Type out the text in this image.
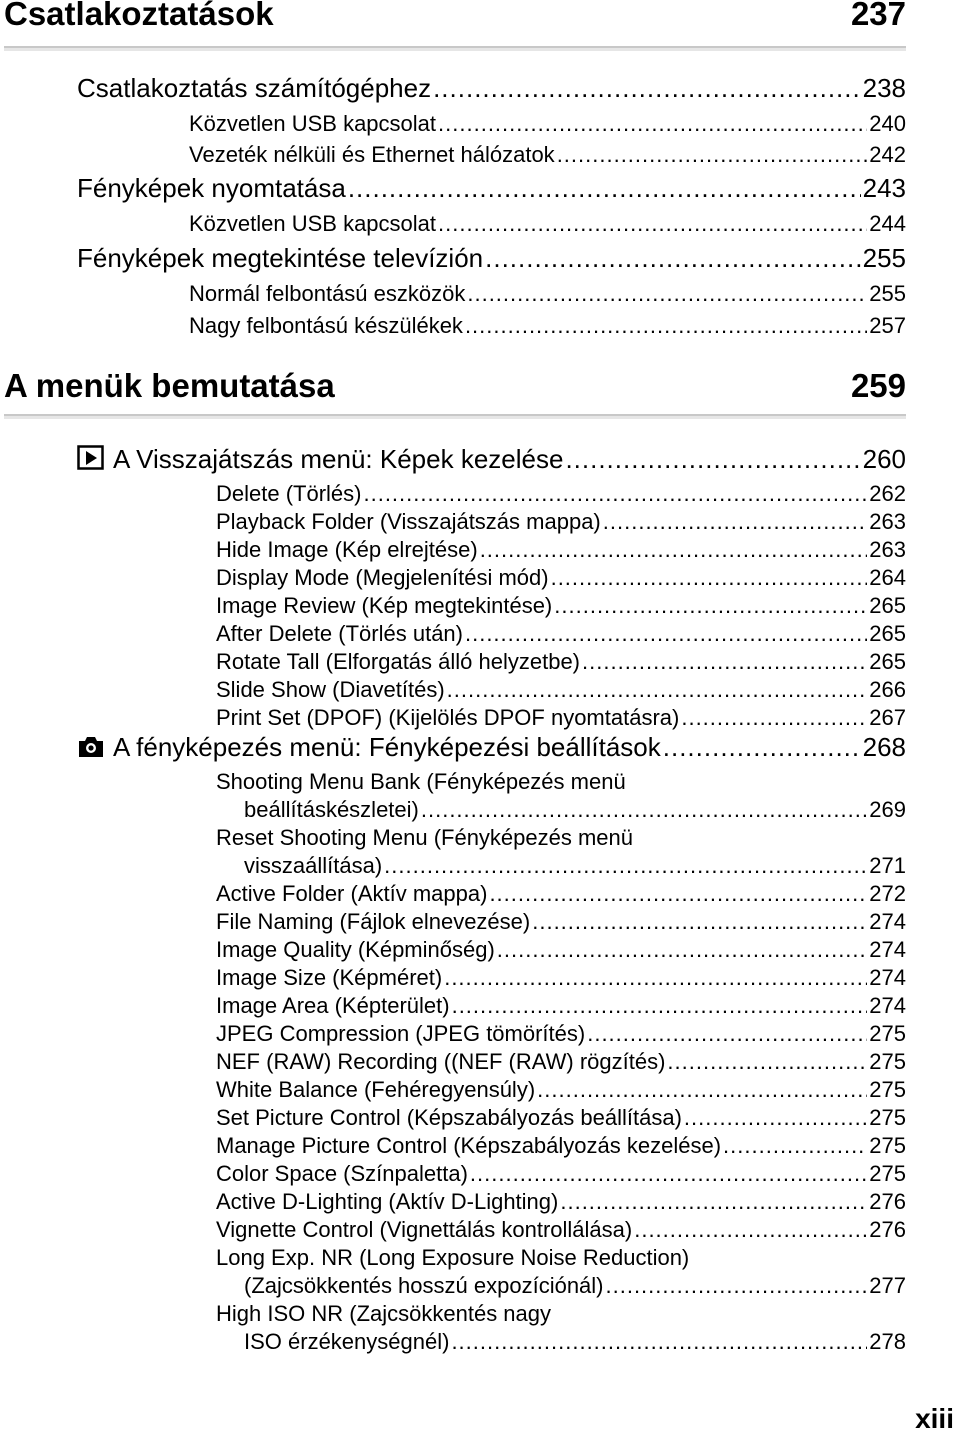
Csatlakoztatások	237
Csatlakoztatás számítógéphez .....	238
Közvetlen USB kapcsolat .....	240
Vezeték nélküli és Ethernet hálózatok .....	242
Fényképek nyomtatása .....	243
Közvetlen USB kapcsolat .....	244
Fényképek megtekintése televízión .....	255
Normál felbontású eszközök .....	255
Nagy felbontású készülékek .....	257
A menük bemutatása	259
A Visszajátszás menü: Képek kezelése .....	260
Delete (Törlés) .....	262
Playback Folder (Visszajátszás mappa) .....	263
Hide Image (Kép elrejtése) .....	263
Display Mode (Megjelenítési mód) .....	264
Image Review (Kép megtekintése) .....	265
After Delete (Törlés után) .....	265
Rotate Tall (Elforgatás álló helyzetbe) .....	265
Slide Show (Diavetítés) .....	266
Print Set (DPOF) (Kijelölés DPOF nyomtatásra) .....	267
A fényképezés menü: Fényképezési beállítások .....	268
Shooting Menu Bank (Fényképezés menü
beállításkészletei) .....	269
Reset Shooting Menu (Fényképezés menü
visszaállítása) .....	271
Active Folder (Aktív mappa) .....	272
File Naming (Fájlok elnevezése) .....	274
Image Quality (Képminőség) .....	274
Image Size (Képméret) .....	274
Image Area (Képterület) .....	274
JPEG Compression (JPEG tömörítés) .....	275
NEF (RAW) Recording ((NEF (RAW) rögzítés) .....	275
White Balance (Fehéregyensúly) .....	275
Set Picture Control (Képszabályozás beállítása) .....	275
Manage Picture Control (Képszabályozás kezelése) .....	275
Color Space (Színpaletta) .....	275
Active D-Lighting (Aktív D-Lighting) .....	276
Vignette Control (Vignettálás kontrollálása) .....	276
Long Exp. NR (Long Exposure Noise Reduction)
(Zajcsökkentés hosszú expozíciónál) .....	277
High ISO NR (Zajcsökkentés nagy
ISO érzékenységnél) .....	278
xiii
